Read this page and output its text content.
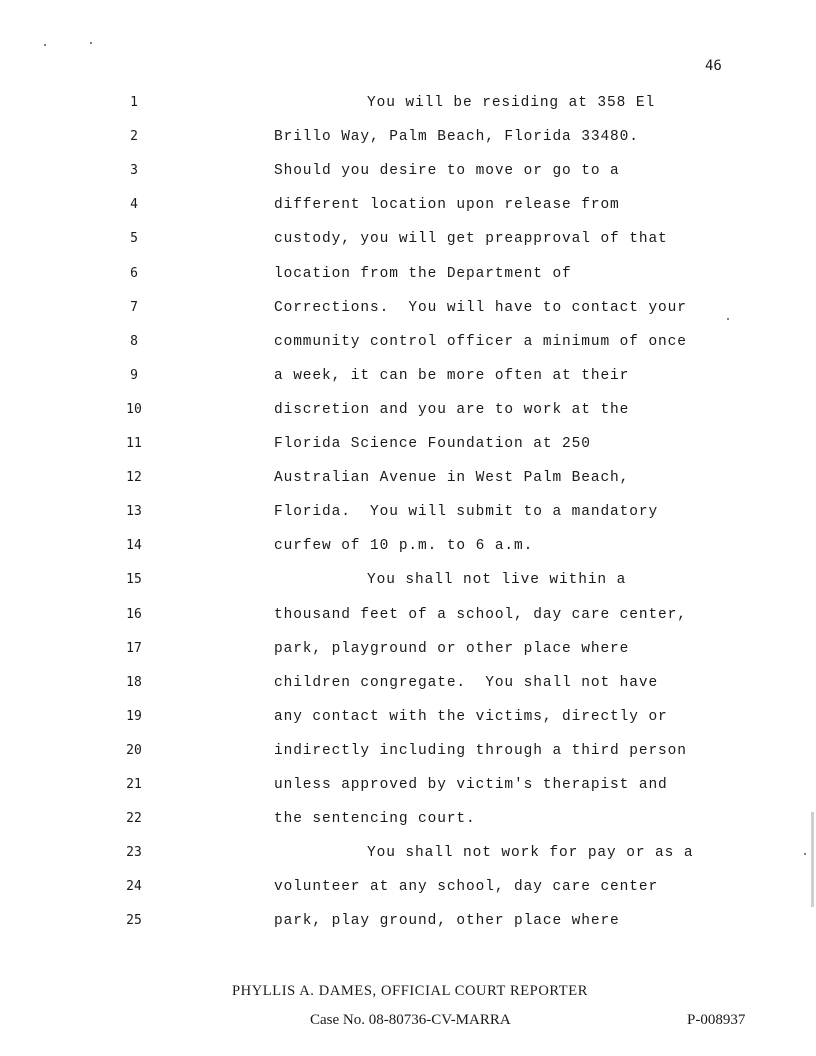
46
1	You will be residing at 358 El
2	Brillo Way, Palm Beach, Florida 33480.
3	Should you desire to move or go to a
4	different location upon release from
5	custody, you will get preapproval of that
6	location from the Department of
7	Corrections.  You will have to contact your
8	community control officer a minimum of once
9	a week, it can be more often at their
10	discretion and you are to work at the
11	Florida Science Foundation at 250
12	Australian Avenue in West Palm Beach,
13	Florida.  You will submit to a mandatory
14	curfew of 10 p.m. to 6 a.m.
15	You shall not live within a
16	thousand feet of a school, day care center,
17	park, playground or other place where
18	children congregate.  You shall not have
19	any contact with the victims, directly or
20	indirectly including through a third person
21	unless approved by victim's therapist and
22	the sentencing court.
23	You shall not work for pay or as a
24	volunteer at any school, day care center
25	park, play ground, other place where
PHYLLIS A. DAMES, OFFICIAL COURT REPORTER
Case No. 08-80736-CV-MARRA	P-008937
